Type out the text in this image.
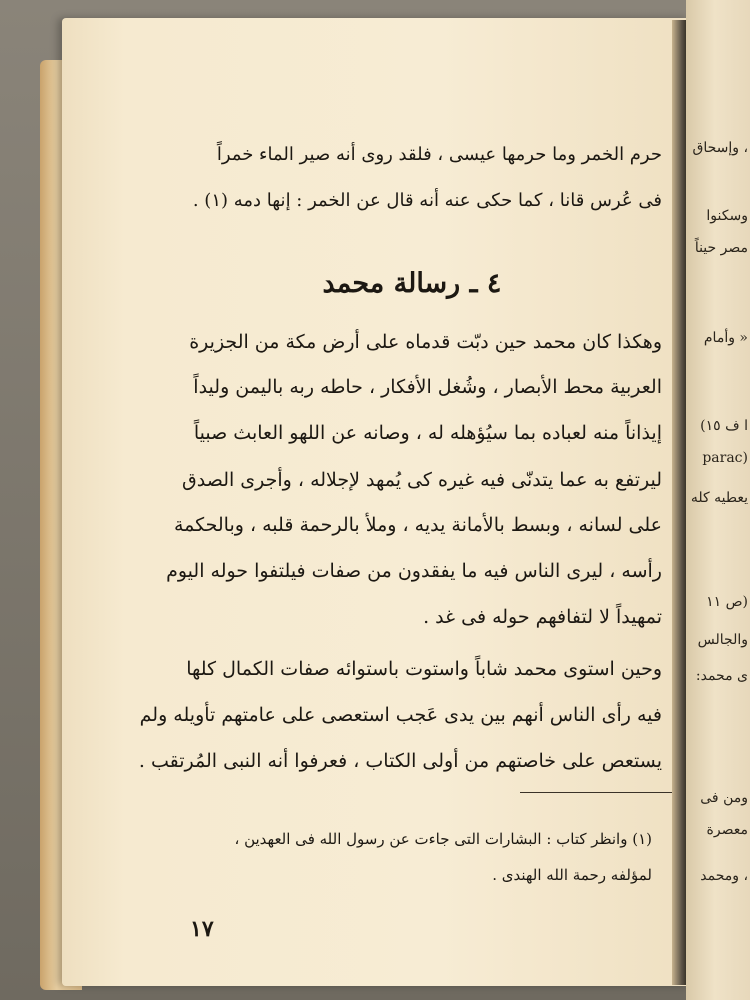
حرم الخمر وما حرمها عيسى ، فلقد روى أنه صير الماء خمراً
فى عُرس قانا ، كما حكى عنه أنه قال عن الخمر : إنها دمه (١) .
٤ ـ رسالة محمد
وهكذا كان محمد حين دبّت قدماه على أرض مكة من الجزيرة
العربية محط الأبصار ، وشُغل الأفكار ، حاطه ربه باليمن وليداً
إيذاناً منه لعباده بما سيُؤهله له ، وصانه عن اللهو العابث صبياً
ليرتفع به عما يتدنّى فيه غيره كى يُمهد لإجلاله ، وأجرى الصدق
على لسانه ، وبسط بالأمانة يديه ، وملأ بالرحمة قلبه ، وبالحكمة
رأسه ، ليرى الناس فيه ما يفقدون من صفات فيلتفوا حوله اليوم
تمهيداً لا لتفافهم حوله فى غد .
وحين استوى محمد شاباً واستوت باستوائه صفات الكمال كلها
فيه رأى الناس أنهم بين يدى عَجب استعصى على عامتهم تأويله ولم
يستعص على خاصتهم من أولى الكتاب ، فعرفوا أنه النبى المُرتقب .
(١) وانظر كتاب : البشارات التى جاءت عن رسول الله فى العهدين ،
لمؤلفه رحمة الله الهندى .
١٧
، وإسحاق
وسكنوا
مصر حيناً
« وأمام
ا ف ١٥)
(parac
يعطيه كله
(ص ١١
والجالس
ى محمد:
ومن فى
معصرة
، ومحمد
